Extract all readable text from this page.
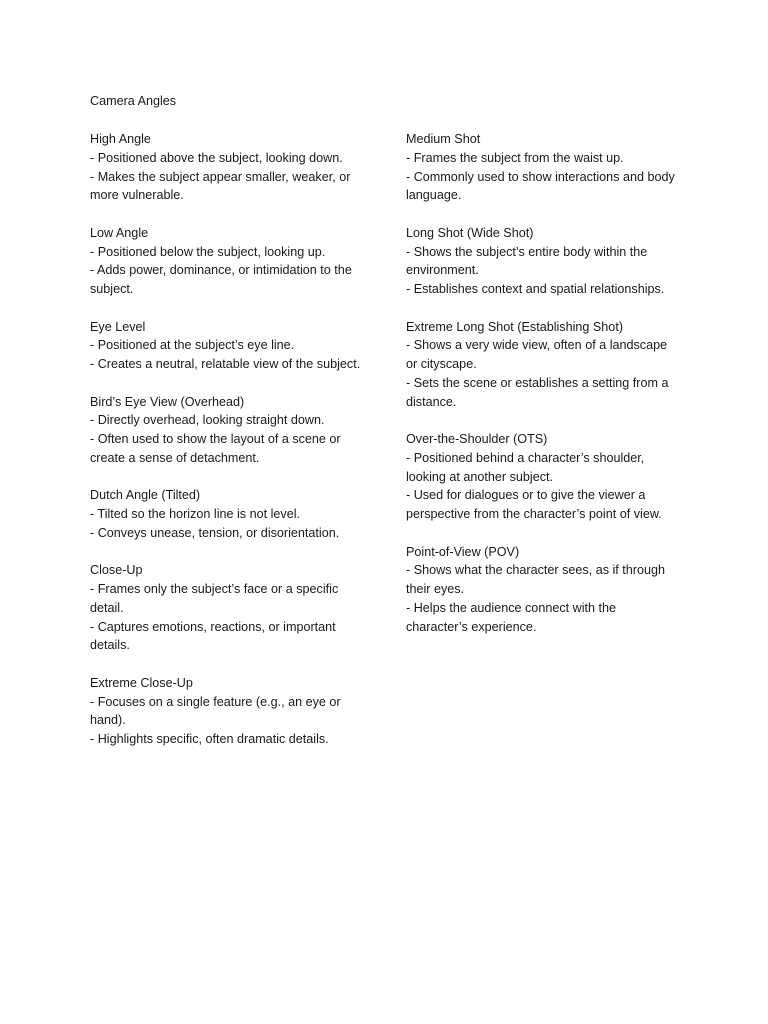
Camera Angles

High Angle

- Positioned above the subject, looking down.

- Makes the subject appear smaller, weaker, or more vulnerable.

Low Angle

- Positioned below the subject, looking up.

- Adds power, dominance, or intimidation to the subject.

Eye Level

- Positioned at the subject’s eye line.

- Creates a neutral, relatable view of the subject.

Bird’s Eye View (Overhead)

- Directly overhead, looking straight down.

- Often used to show the layout of a scene or create a sense of detachment.

Dutch Angle (Tilted)

- Tilted so the horizon line is not level.

- Conveys unease, tension, or disorientation.

Close-Up

- Frames only the subject’s face or a specific detail.

- Captures emotions, reactions, or important details.

Extreme Close-Up

- Focuses on a single feature (e.g., an eye or hand).

- Highlights specific, often dramatic details.

Medium Shot

- Frames the subject from the waist up.

- Commonly used to show interactions and body language.

Long Shot (Wide Shot)

- Shows the subject’s entire body within the environment.

- Establishes context and spatial relationships.

Extreme Long Shot (Establishing Shot)

- Shows a very wide view, often of a landscape or cityscape.

- Sets the scene or establishes a setting from a distance.

Over-the-Shoulder (OTS)

- Positioned behind a character’s shoulder, looking at another subject.

- Used for dialogues or to give the viewer a perspective from the character’s point of view.

Point-of-View (POV)

- Shows what the character sees, as if through their eyes.

- Helps the audience connect with the character’s experience.
